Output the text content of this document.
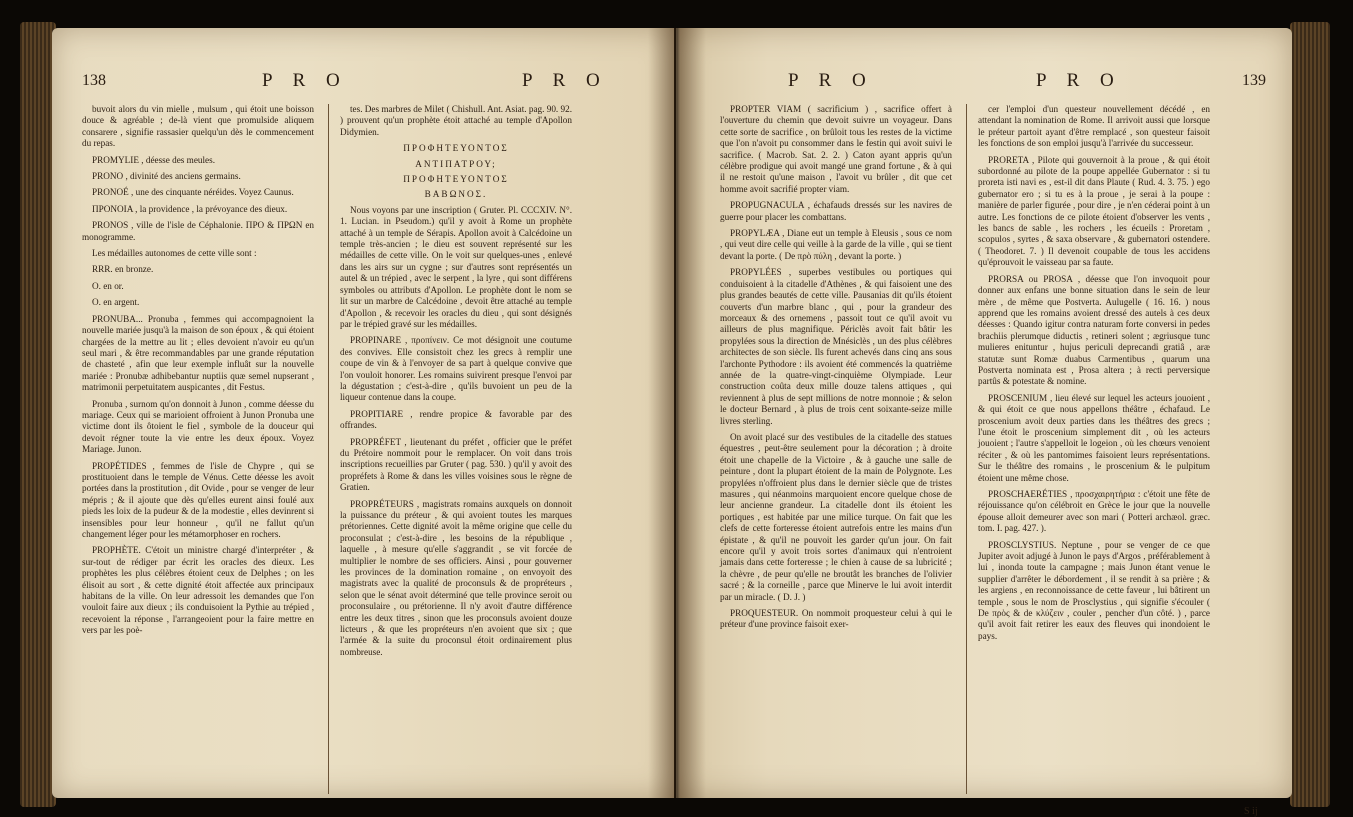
138	P R O	P R O

buvoit alors du vin mielle , mulsum , qui étoit une boisson douce & agréable ; de-là vient que promulside aliquem consarere , signifie rassasier quelqu'un dès le commencement du repas.

PROMYLIE , déesse des meules.

PRONO , divinité des anciens germains.

PRONOÉ , une des cinquante néréides. Voyez Caunus.

ΠΡΟΝΟΙΑ , la providence , la prévoyance des dieux.

PRONOS , ville de l'isle de Céphalonie. ΠΡΟ & ΠΡΩΝ en monogramme.

Les médailles autonomes de cette ville sont :

RRR. en bronze.

O. en or.

O. en argent.

PRONUBA... Pronuba , femmes qui accompagnoient la nouvelle mariée jusqu'à la maison de son époux , & qui étoient chargées de la mettre au lit ; elles devoient n'avoir eu qu'un seul mari , & être recommandables par une grande réputation de chasteté , afin que leur exemple influât sur la nouvelle mariée : Pronubæ adhibebantur nuptiis quæ semel nupserant , matrimonii perpetuitatem auspicantes , dit Festus.

Pronuba , surnom qu'on donnoit à Junon , comme déesse du mariage. Ceux qui se marioient offroient à Junon Pronuba une victime dont ils ôtoient le fiel , symbole de la douceur qui devoit régner toute la vie entre les deux époux. Voyez Mariage. Junon.

PROPÉTIDES , femmes de l'isle de Chypre , qui se prostituoient dans le temple de Vénus. Cette déesse les avoit portées dans la prostitution , dit Ovide , pour se venger de leur mépris ; & il ajoute que dès qu'elles eurent ainsi foulé aux pieds les loix de la pudeur & de la modestie , elles devinrent si insensibles pour leur honneur , qu'il ne fallut qu'un changement léger pour les métamorphoser en rochers.

PROPHÈTE. C'étoit un ministre chargé d'interpréter , & sur-tout de rédiger par écrit les oracles des dieux. Les prophètes les plus célèbres étoient ceux de Delphes ; on les élisoit au sort , & cette dignité étoit affectée aux principaux habitans de la ville. On leur adressoit les demandes que l'on vouloit faire aux dieux ; ils conduisoient la Pythie au trépied , recevoient la réponse , l'arrangeoient pour la faire mettre en vers par les poè-

tes. Des marbres de Milet ( Chishull. Ant. Asiat. pag. 90. 92. ) prouvent qu'un prophète étoit attaché au temple d'Apollon Didymien.

ΠΡΟΦΗΤΕΥΟΝΤΟΣ

ΑΝΤΙΠΑΤΡΟΥ;

ΠΡΟΦΗΤΕΥΟΝΤΟΣ

ΒΑΒΩΝΟΣ.

Nous voyons par une inscription ( Gruter. Pl. CCCXIV. N°. 1. Lucian. in Pseudom.) qu'il y avoit à Rome un prophète attaché à un temple de Sérapis. Apollon avoit à Calcédoine un temple très-ancien ; le dieu est souvent représenté sur les médailles de cette ville. On le voit sur quelques-unes , enlevé dans les airs sur un cygne ; sur d'autres sont représentés un autel & un trépied , avec le serpent , la lyre , qui sont différens symboles ou attributs d'Apollon. Le prophète dont le nom se lit sur un marbre de Calcédoine , devoit être attaché au temple d'Apollon , & recevoir les oracles du dieu , qui sont désignés par le trépied gravé sur les médailles.

PROPINARE , προπίνειν. Ce mot désignoit une coutume des convives. Elle consistoit chez les grecs à remplir une coupe de vin & à l'envoyer de sa part à quelque convive que l'on vouloit honorer. Les romains suivirent presque l'envoi par la dégustation ; c'est-à-dire , qu'ils buvoient un peu de la liqueur contenue dans la coupe.

PROPITIARE , rendre propice & favorable par des offrandes.

PROPRÉFET , lieutenant du préfet , officier que le préfet du Prétoire nommoit pour le remplacer. On voit dans trois inscriptions recueillies par Gruter ( pag. 530. ) qu'il y avoit des propréfets à Rome & dans les villes voisines sous le règne de Gratien.

PROPRÉTEURS , magistrats romains auxquels on donnoit la puissance du préteur , & qui avoient toutes les marques prétoriennes. Cette dignité avoit la même origine que celle du proconsulat ; c'est-à-dire , les besoins de la république , laquelle , à mesure qu'elle s'aggrandit , se vit forcée de multiplier le nombre de ses officiers. Ainsi , pour gouverner les provinces de la domination romaine , on envoyoit des magistrats avec la qualité de proconsuls & de propréteurs , selon que le sénat avoit déterminé que telle province seroit ou proconsulaire , ou prétorienne. Il n'y avoit d'autre différence entre les deux titres , sinon que les proconsuls avoient douze licteurs , & que les propréteurs n'en avoient que six ; que l'armée & la suite du proconsul étoit ordinairement plus nombreuse.

P R O	P R O	139

PROPTER VIAM ( sacrificium ) , sacrifice offert à l'ouverture du chemin que devoit suivre un voyageur. Dans cette sorte de sacrifice , on brûloit tous les restes de la victime que l'on n'avoit pu consommer dans le festin qui avoit suivi le sacrifice. ( Macrob. Sat. 2. 2. ) Caton ayant appris qu'un célèbre prodigue qui avoit mangé une grand fortune , & à qui il ne restoit qu'une maison , l'avoit vu brûler , dit que cet homme avoit sacrifié propter viam.

PROPUGNACULA , échafauds dressés sur les navires de guerre pour placer les combattans.

PROPYLÆA , Diane eut un temple à Eleusis , sous ce nom , qui veut dire celle qui veille à la garde de la ville , qui se tient devant la porte. ( De πρὸ πύλη , devant la porte. )

PROPYLÉES , superbes vestibules ou portiques qui conduisoient à la citadelle d'Athènes , & qui faisoient une des plus grandes beautés de cette ville. Pausanias dit qu'ils étoient couverts d'un marbre blanc , qui , pour la grandeur des morceaux & des ornemens , passoit tout ce qu'il avoit vu ailleurs de plus magnifique. Périclès avoit fait bâtir les propylées sous la direction de Mnésiclès , un des plus célèbres architectes de son siècle. Ils furent achevés dans cinq ans sous l'archonte Pythodore : ils avoient été commencés la quatrième année de la quatre-vingt-cinquième Olympiade. Leur construction coûta deux mille douze talens attiques , qui reviennent à plus de sept millions de notre monnoie ; & selon le docteur Bernard , à plus de trois cent soixante-seize mille livres sterling.

On avoit placé sur des vestibules de la citadelle des statues équestres , peut-être seulement pour la décoration ; à droite étoit une chapelle de la Victoire , & à gauche une salle de peinture , dont la plupart étoient de la main de Polygnote. Les propylées n'offroient plus dans le dernier siècle que de tristes masures , qui néanmoins marquoient encore quelque chose de leur ancienne grandeur. La citadelle dont ils étoient les portiques , est habitée par une milice turque. On fait que les clefs de cette forteresse étoient autrefois entre les mains d'un épistate , & qu'il ne pouvoit les garder qu'un jour. On fait encore qu'il y avoit trois sortes d'animaux qui n'entroient jamais dans cette forteresse ; le chien à cause de sa lubricité ; la chèvre , de peur qu'elle ne broutât les branches de l'olivier sacré ; & la corneille , parce que Minerve le lui avoit interdit par un miracle. ( D. J. )

PROQUESTEUR. On nommoit proquesteur celui à qui le préteur d'une province faisoit exer-

cer l'emploi d'un questeur nouvellement décédé , en attendant la nomination de Rome. Il arrivoit aussi que lorsque le préteur partoit ayant d'être remplacé , son questeur faisoit les fonctions de son emploi jusqu'à l'arrivée du successeur.

PRORETA , Pilote qui gouvernoit à la proue , & qui étoit subordonné au pilote de la poupe appellée Gubernator : si tu proreta isti navi es , est-il dit dans Plaute ( Rud. 4. 3. 75. ) ego gubernator ero ; si tu es à la proue , je serai à la poupe : manière de parler figurée , pour dire , je n'en céderai point à un autre. Les fonctions de ce pilote étoient d'observer les vents , les bancs de sable , les rochers , les écueils : Proretam , scopulos , syrtes , & saxa observare , & gubernatori ostendere. ( Theodoret. 7. ) Il devenoit coupable de tous les accidens qu'éprouvoit le vaisseau par sa faute.

PRORSA ou PROSA , déesse que l'on invoquoit pour donner aux enfans une bonne situation dans le sein de leur mère , de même que Postverta. Aulugelle ( 16. 16. ) nous apprend que les romains avoient dressé des autels à ces deux déesses : Quando igitur contra naturam forte conversi in pedes brachiis plerumque diductis , retineri solent ; ægriusque tunc mulieres enituntur , hujus periculi deprecandi gratiâ , aræ statutæ sunt Romæ duabus Carmentibus , quarum una Postverta nominata est , Prosa altera ; à recti perversique partûs & potestate & nomine.

PROSCENIUM , lieu élevé sur lequel les acteurs jouoient , & qui étoit ce que nous appellons théâtre , échafaud. Le proscenium avoit deux parties dans les théâtres des grecs ; l'une étoit le proscenium simplement dit , où les acteurs jouoient ; l'autre s'appelloit le logeion , où les chœurs venoient réciter , & où les pantomimes faisoient leurs représentations. Sur le théâtre des romains , le proscenium & le pulpitum étoient une même chose.

PROSCHAERÉTIES , προσχαιρητήρια : c'étoit une fête de réjouissance qu'on célébroit en Grèce le jour que la nouvelle épouse alloit demeurer avec son mari ( Potteri archæol. græc. tom. I. pag. 427. ).

PROSCLYSTIUS. Neptune , pour se venger de ce que Jupiter avoit adjugé à Junon le pays d'Argos , préférablement à lui , inonda toute la campagne ; mais Junon étant venue le supplier d'arrêter le débordement , il se rendit à sa prière ; & les argiens , en reconnoissance de cette faveur , lui bâtirent un temple , sous le nom de Prosclystius , qui signifie s'écouler ( De πρὸς & de κλύζειν , couler , pencher d'un côté. ) , parce qu'il avoit fait retirer les eaux des fleuves qui inondoient le pays.

S ij
